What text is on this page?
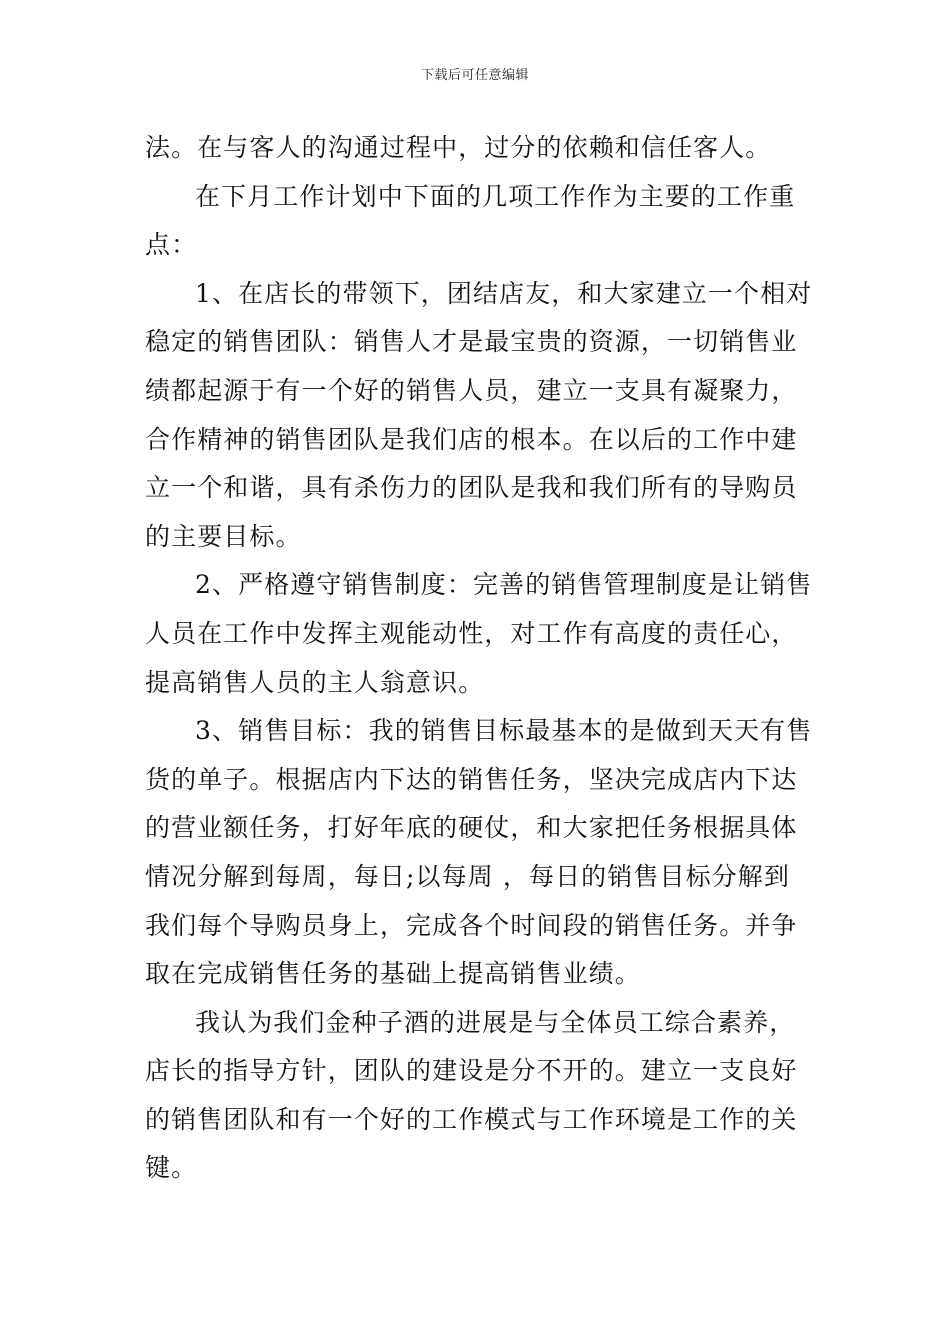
下载后可任意编辑
法。在与客人的沟通过程中，过分的依赖和信任客人。
在下月工作计划中下面的几项工作作为主要的工作重
点：
1、在店长的带领下，团结店友，和大家建立一个相对
稳定的销售团队：销售人才是最宝贵的资源，一切销售业
绩都起源于有一个好的销售人员，建立一支具有凝聚力，
合作精神的销售团队是我们店的根本。在以后的工作中建
立一个和谐，具有杀伤力的团队是我和我们所有的导购员
的主要目标。
2、严格遵守销售制度：完善的销售管理制度是让销售
人员在工作中发挥主观能动性，对工作有高度的责任心，
提高销售人员的主人翁意识。
3、销售目标：我的销售目标最基本的是做到天天有售
货的单子。根据店内下达的销售任务，坚决完成店内下达
的营业额任务，打好年底的硬仗，和大家把任务根据具体
情况分解到每周，每日;以每周 ，每日的销售目标分解到
我们每个导购员身上，完成各个时间段的销售任务。并争
取在完成销售任务的基础上提高销售业绩。
我认为我们金种子酒的进展是与全体员工综合素养，
店长的指导方针，团队的建设是分不开的。建立一支良好
的销售团队和有一个好的工作模式与工作环境是工作的关
键。
